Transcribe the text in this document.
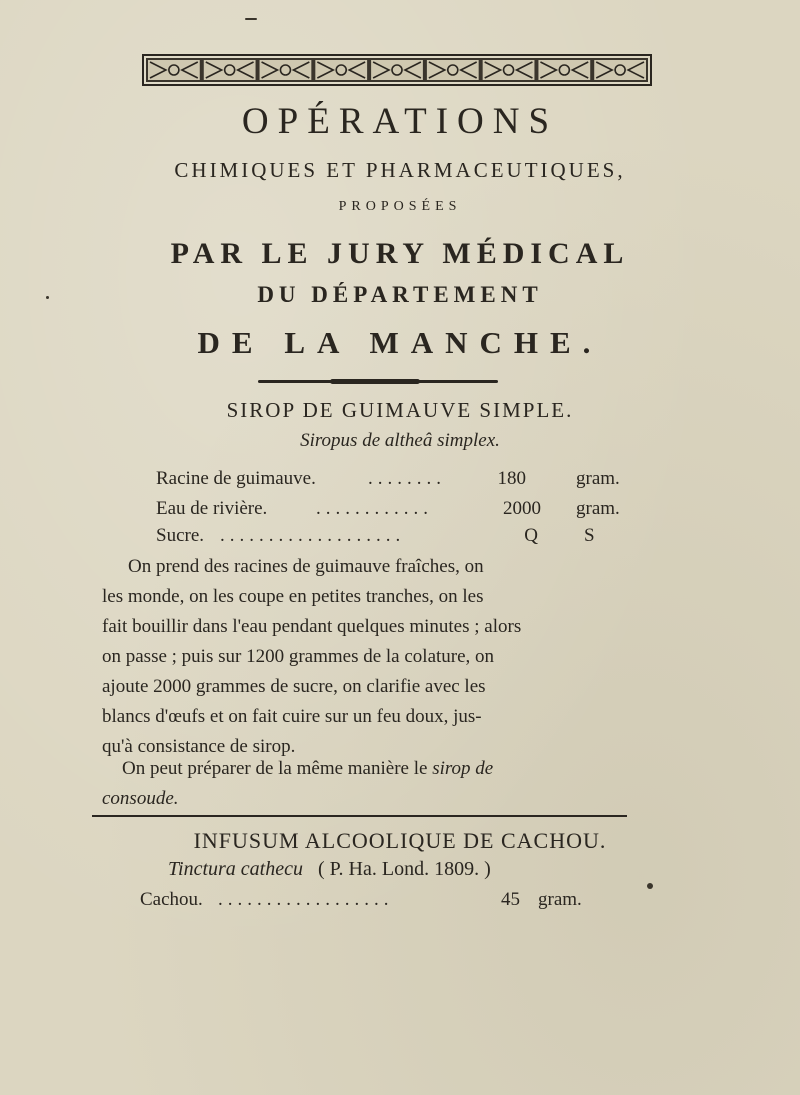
OPÉRATIONS
CHIMIQUES ET PHARMACEUTIQUES,
PROPOSÉES
PAR LE JURY MÉDICAL
DU DÉPARTEMENT
DE LA MANCHE.
SIROP DE GUIMAUVE SIMPLE.
Siropus de altheâ simplex.
Racine de guimauve.	........	180	gram.
Eau de rivière.	............	2000 gram.
Sucre. ...................	Q S
On prend des racines de guimauve fraîches, on
les monde, on les coupe en petites tranches, on les
fait bouillir dans l'eau pendant quelques minutes ; alors
on passe ; puis sur 1200 grammes de la colature, on
ajoute 2000 grammes de sucre, on clarifie avec les
blancs d'œufs et on fait cuire sur un feu doux, jus-
qu'à consistance de sirop.
On peut préparer de la même manière le sirop de
consoude.
INFUSUM ALCOOLIQUE DE CACHOU.
Tinctura cathecu ( P. Ha. Lond. 1809. )
Cachou. ..................	45 gram.
